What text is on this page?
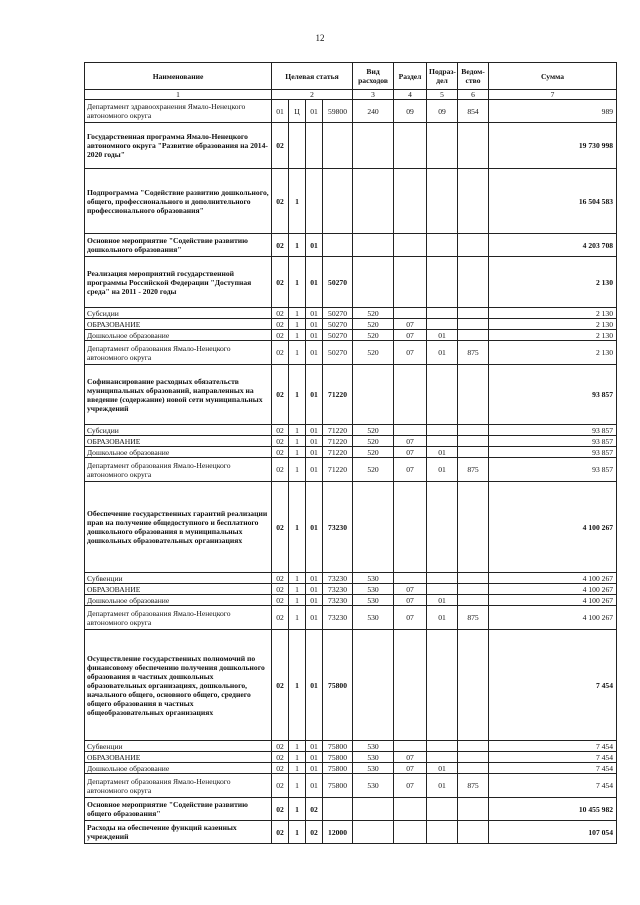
12
Наименование	Целевая статья				Вид расходов	Раздел	Подраз-дел	Ведом-ство	Сумма
1	2				3	4	5	6	7
Департамент здравоохранения Ямало-Ненецкого автономного округа	01	Ц	01	59800	240	09	09	854	989
Государственная программа Ямало-Ненецкого автономного округа "Развитие образования на 2014-2020 годы"	02								19 730 998
Подпрограмма "Содействие развитию дошкольного, общего, профессионального и дополнительного профессионального образования"	02	1							16 504 583
Основное мероприятие "Содействие развитию дошкольного образования"	02	1	01						4 203 708
Реализация мероприятий государственной программы Российской Федерации "Доступная среда" на 2011 - 2020 годы	02	1	01	50270					2 130
Субсидии	02	1	01	50270	520				2 130
ОБРАЗОВАНИЕ	02	1	01	50270	520	07			2 130
Дошкольное образование	02	1	01	50270	520	07	01		2 130
Департамент образования Ямало-Ненецкого автономного округа	02	1	01	50270	520	07	01	875	2 130
Софинансирование расходных обязательств муниципальных образований, направленных на введение (содержание) новой сети муниципальных учреждений	02	1	01	71220					93 857
Субсидии	02	1	01	71220	520				93 857
ОБРАЗОВАНИЕ	02	1	01	71220	520	07			93 857
Дошкольное образование	02	1	01	71220	520	07	01		93 857
Департамент образования Ямало-Ненецкого автономного округа	02	1	01	71220	520	07	01	875	93 857
Обеспечение государственных гарантий реализации прав на получение общедоступного и бесплатного дошкольного образования в муниципальных дошкольных образовательных организациях	02	1	01	73230					4 100 267
Субвенции	02	1	01	73230	530				4 100 267
ОБРАЗОВАНИЕ	02	1	01	73230	530	07			4 100 267
Дошкольное образование	02	1	01	73230	530	07	01		4 100 267
Департамент образования Ямало-Ненецкого автономного округа	02	1	01	73230	530	07	01	875	4 100 267
Осуществление государственных полномочий по финансовому обеспечению получения дошкольного образования в частных дошкольных образовательных организациях, дошкольного, начального общего, основного общего, среднего общего образования в частных общеобразовательных организациях	02	1	01	75800					7 454
Субвенции	02	1	01	75800	530				7 454
ОБРАЗОВАНИЕ	02	1	01	75800	530	07			7 454
Дошкольное образование	02	1	01	75800	530	07	01		7 454
Департамент образования Ямало-Ненецкого автономного округа	02	1	01	75800	530	07	01	875	7 454
Основное мероприятие "Содействие развитию общего образования"	02	1	02						10 455 982
Расходы на обеспечение функций казенных учреждений	02	1	02	12000					107 054
